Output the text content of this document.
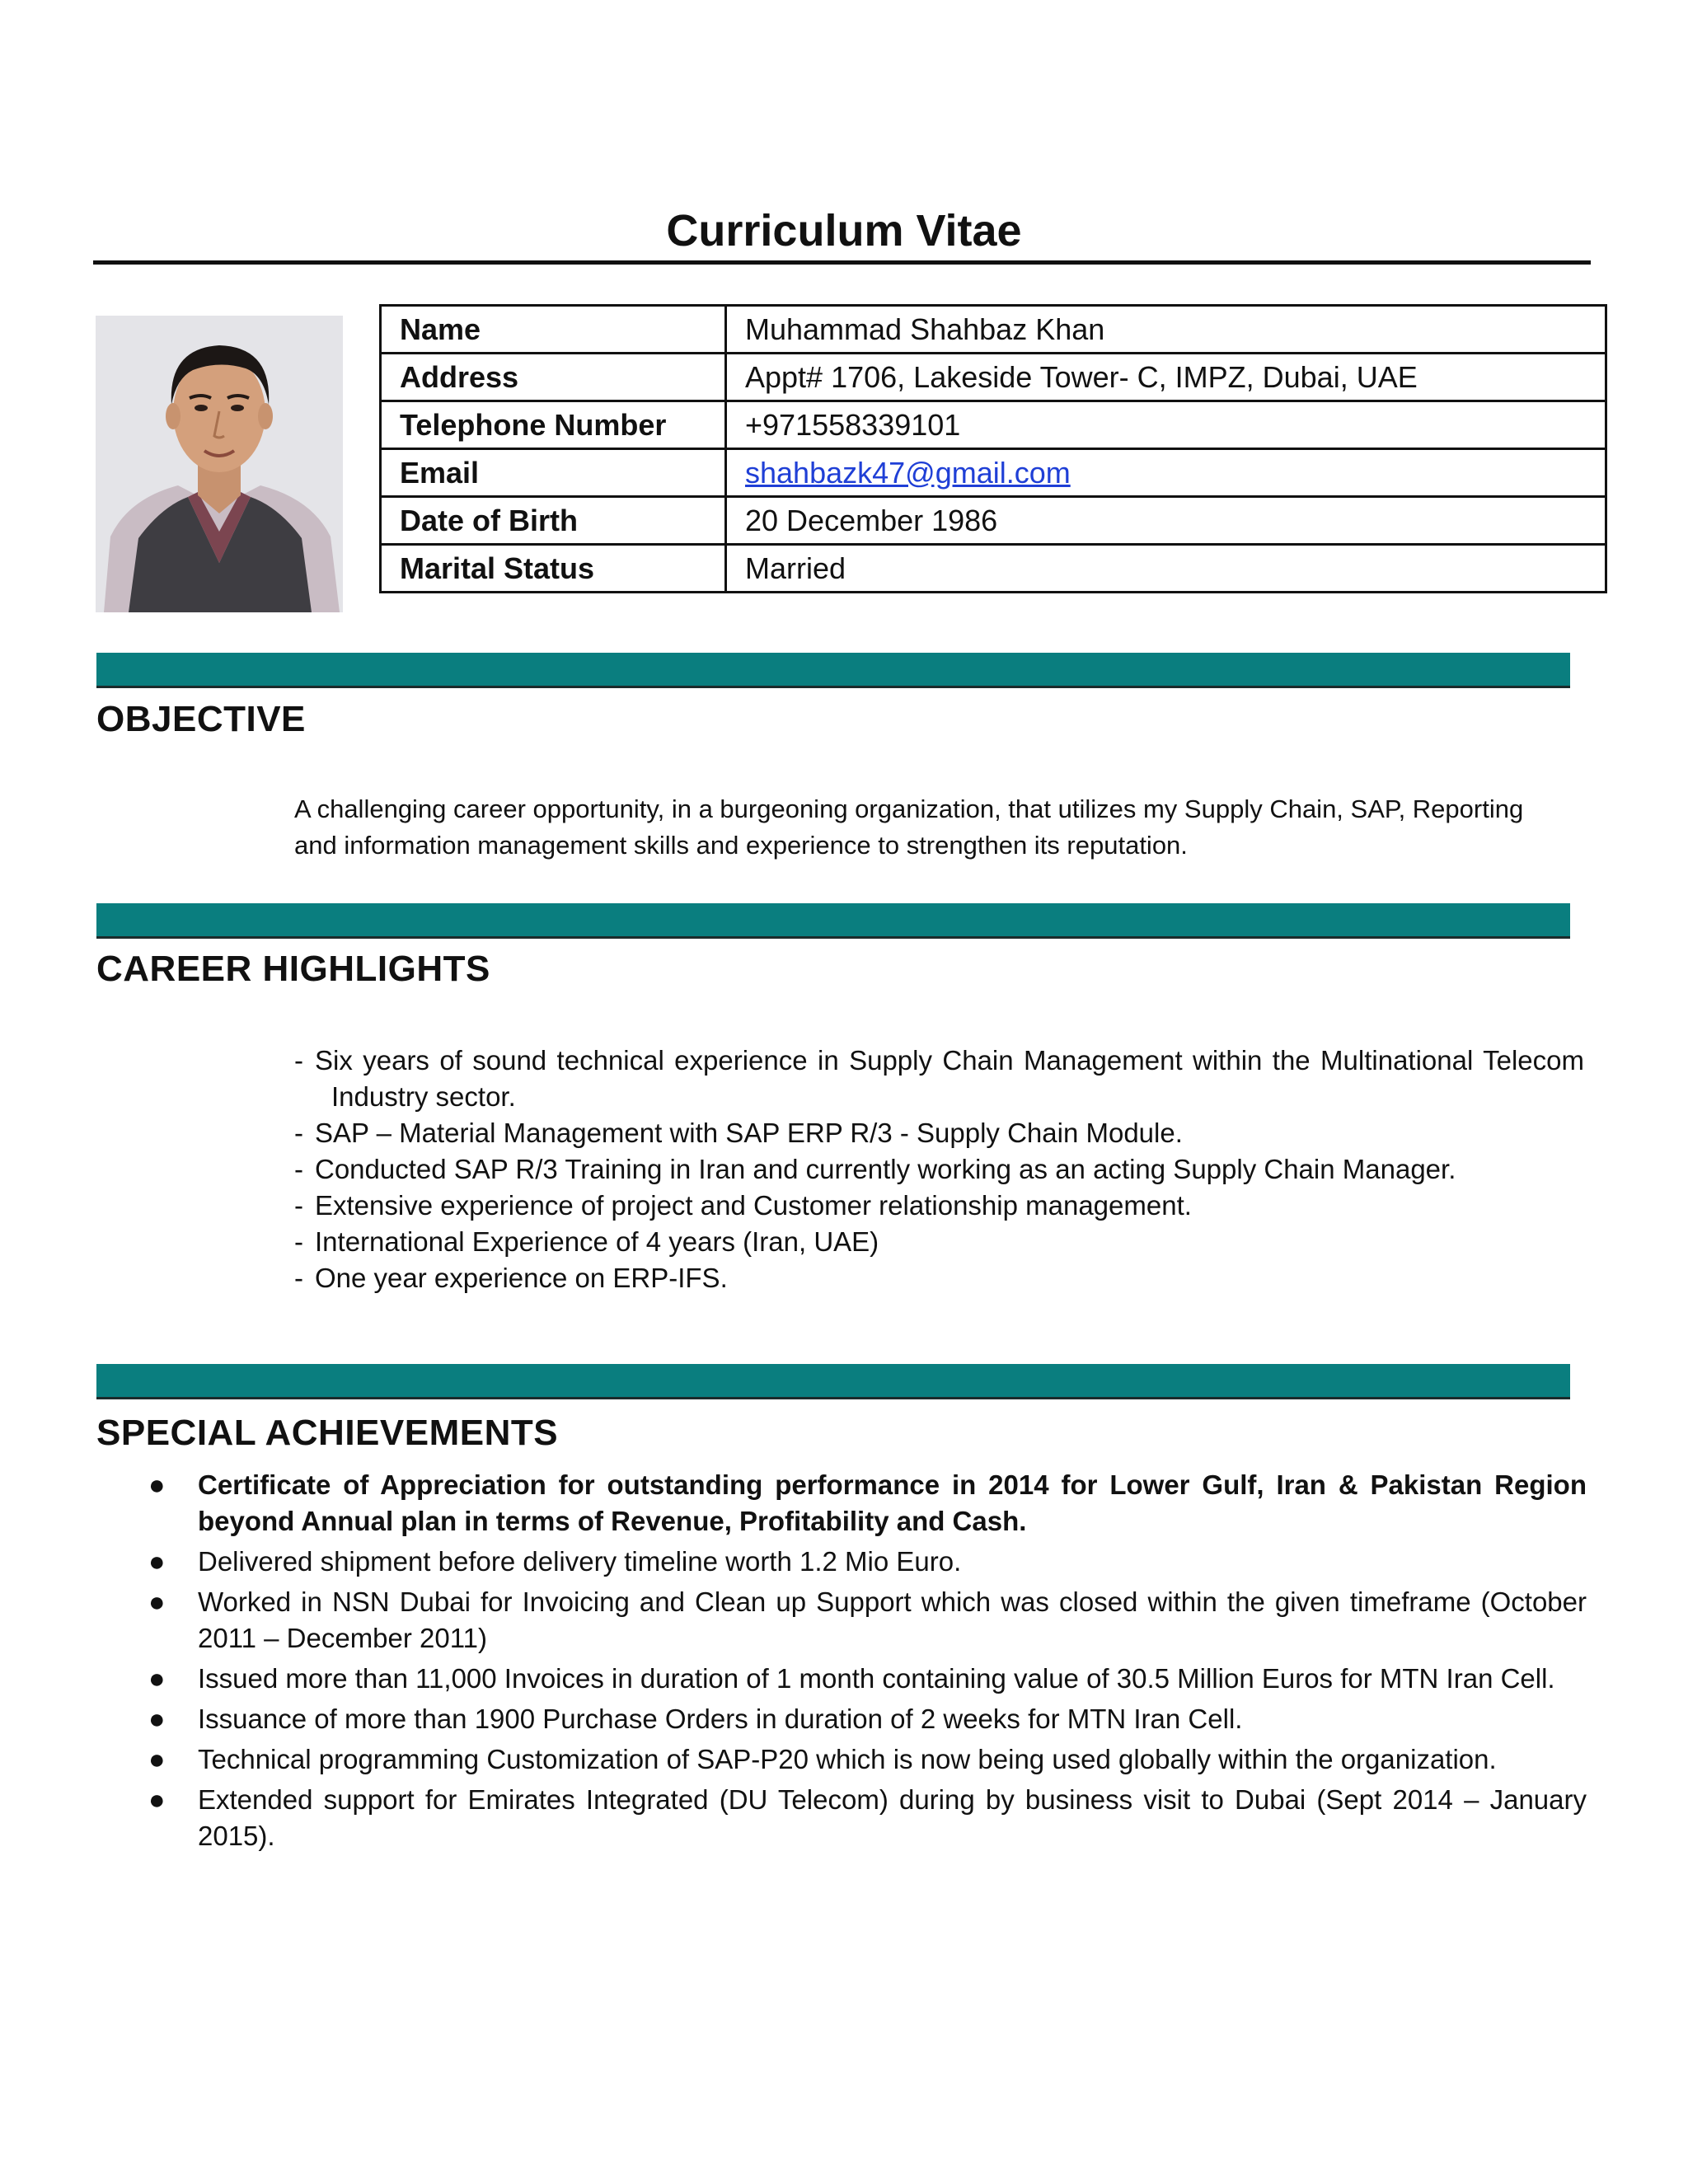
Curriculum Vitae
Name	Muhammad Shahbaz Khan
Address	Appt# 1706, Lakeside Tower- C, IMPZ, Dubai, UAE
Telephone Number	+971558339101
Email	shahbazk47@gmail.com
Date of Birth	20 December 1986
Marital Status	Married
OBJECTIVE

A challenging career opportunity, in a burgeoning organization, that utilizes my Supply Chain, SAP, Reporting and information management skills and experience to strengthen its reputation.

CAREER HIGHLIGHTS
- Six years of sound technical experience in Supply Chain Management within the Multinational Telecom Industry sector.
- SAP – Material Management with SAP ERP R/3 - Supply Chain Module.
- Conducted SAP R/3 Training in Iran and currently working as an acting Supply Chain Manager.
- Extensive experience of project and Customer relationship management.
- International Experience of 4 years (Iran, UAE)
- One year experience on ERP-IFS.
SPECIAL ACHIEVEMENTS
● Certificate of Appreciation for outstanding performance in 2014 for Lower Gulf, Iran & Pakistan Region beyond Annual plan in terms of Revenue, Profitability and Cash.
● Delivered shipment before delivery timeline worth 1.2 Mio Euro.
● Worked in NSN Dubai for Invoicing and Clean up Support which was closed within the given timeframe (October 2011 – December 2011)
● Issued more than 11,000 Invoices in duration of 1 month containing value of 30.5 Million Euros for MTN Iran Cell.
● Issuance of more than 1900 Purchase Orders in duration of 2 weeks for MTN Iran Cell.
● Technical programming Customization of SAP-P20 which is now being used globally within the organization.
● Extended support for Emirates Integrated (DU Telecom) during by business visit to Dubai (Sept 2014 – January 2015).
